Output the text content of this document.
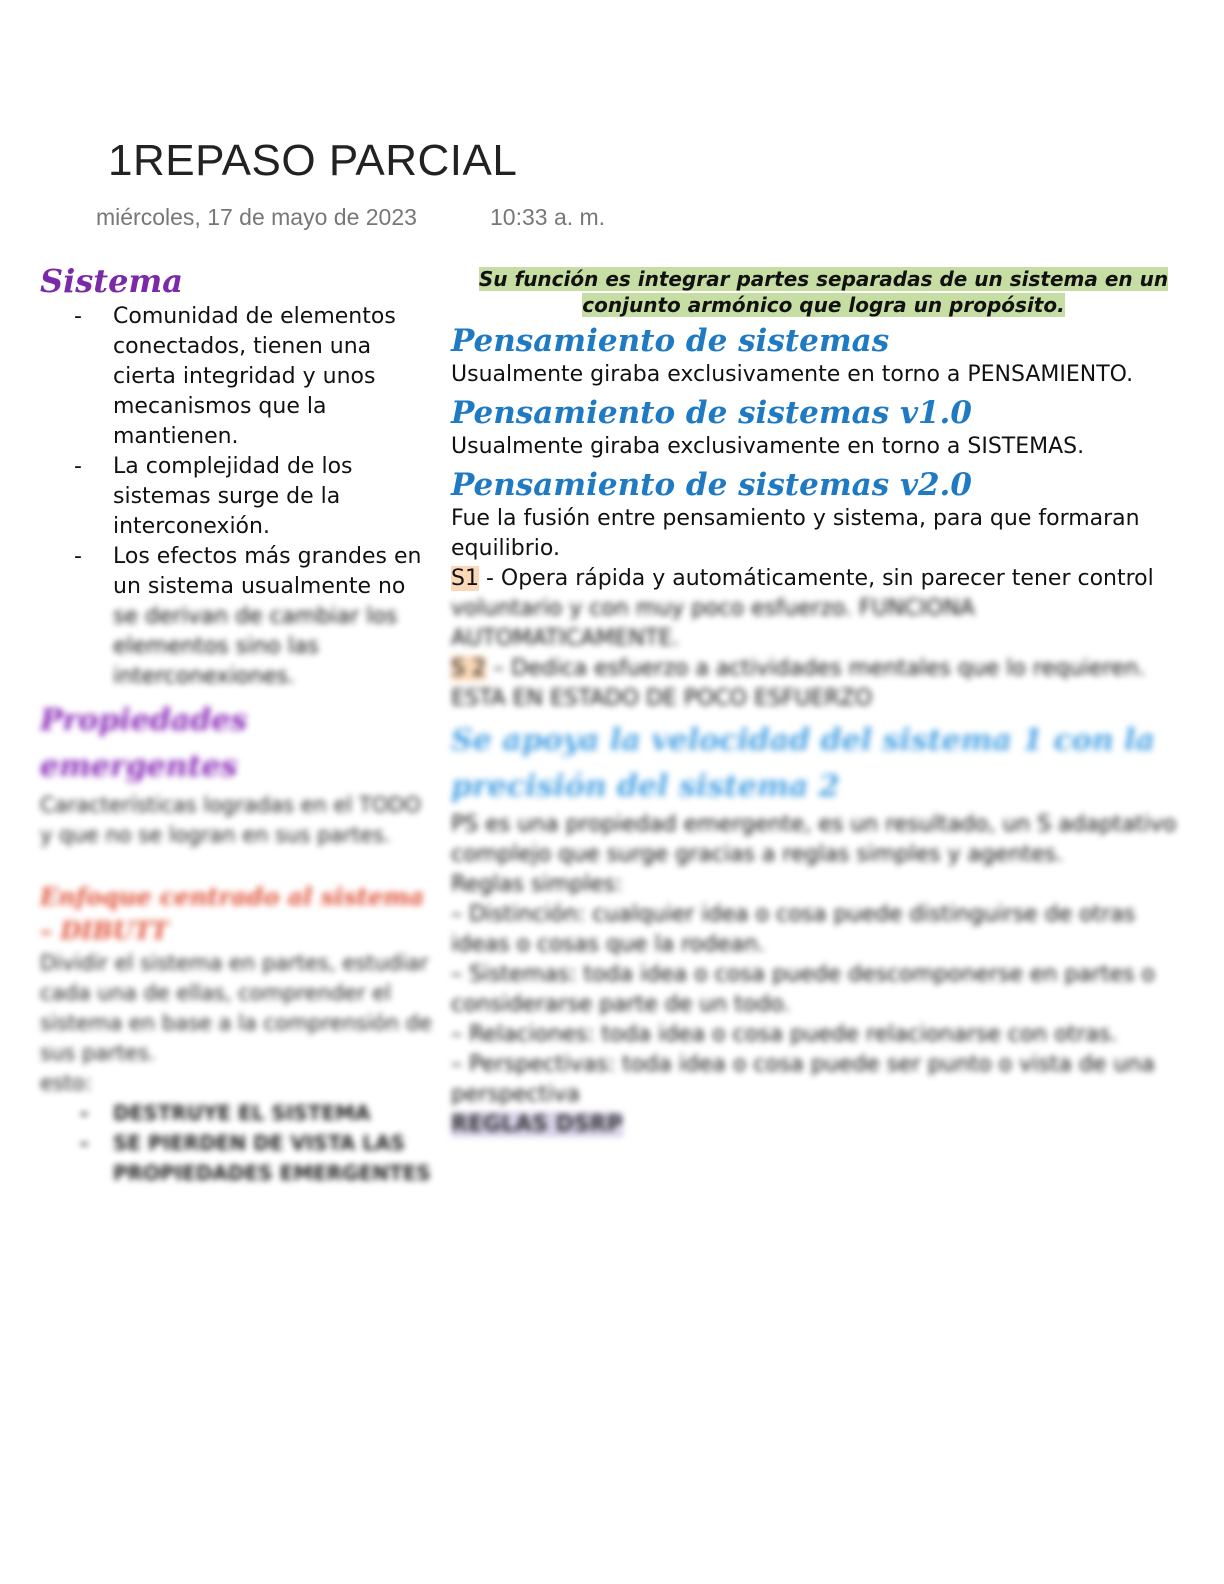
1REPASO PARCIAL
miércoles, 17 de mayo de 2023	10:33 a. m.
Sistema
- Comunidad de elementos conectados, tienen una cierta integridad y unos mecanismos que la mantienen.
- La complejidad de los sistemas surge de la interconexión.
- Los efectos más grandes en un sistema usualmente no se derivan de cambiar los elementos sino las interconexiones.
Propiedades emergentes
Características logradas en el TODO y que no se logran en sus partes.
Enfoque centrado al sistema – DIBUTT
Dividir el sistema en partes, estudiar cada una de ellas, comprender el sistema en base a la comprensión de sus partes.
esto:
- DESTRUYE EL SISTEMA
- SE PIERDEN DE VISTA LAS PROPIEDADES EMERGENTES
Su función es integrar partes separadas de un sistema en un conjunto armónico que logra un propósito.
Pensamiento de sistemas
Usualmente giraba exclusivamente en torno a PENSAMIENTO.
Pensamiento de sistemas v1.0
Usualmente giraba exclusivamente en torno a SISTEMAS.
Pensamiento de sistemas v2.0
Fue la fusión entre pensamiento y sistema, para que formaran equilibrio.
S1 - Opera rápida y automáticamente, sin parecer tener control voluntario y con muy poco esfuerzo. FUNCIONA AUTOMATICAMENTE.
S 2 – Dedica esfuerzo a actividades mentales que lo requieren. ESTA EN ESTADO DE POCO ESFUERZO
Se apoya la velocidad del sistema 1 con la precisión del sistema 2
PS es una propiedad emergente, es un resultado, un S adaptativo complejo que surge gracias a reglas simples y agentes.
Reglas simples:
– Distinción: cualquier idea o cosa puede distinguirse de otras ideas o cosas que la rodean.
– Sistemas: toda idea o cosa puede descomponerse en partes o considerarse parte de un todo.
– Relaciones: toda idea o cosa puede relacionarse con otras.
– Perspectivas: toda idea o cosa puede ser punto o vista de una perspectiva
REGLAS DSRP
